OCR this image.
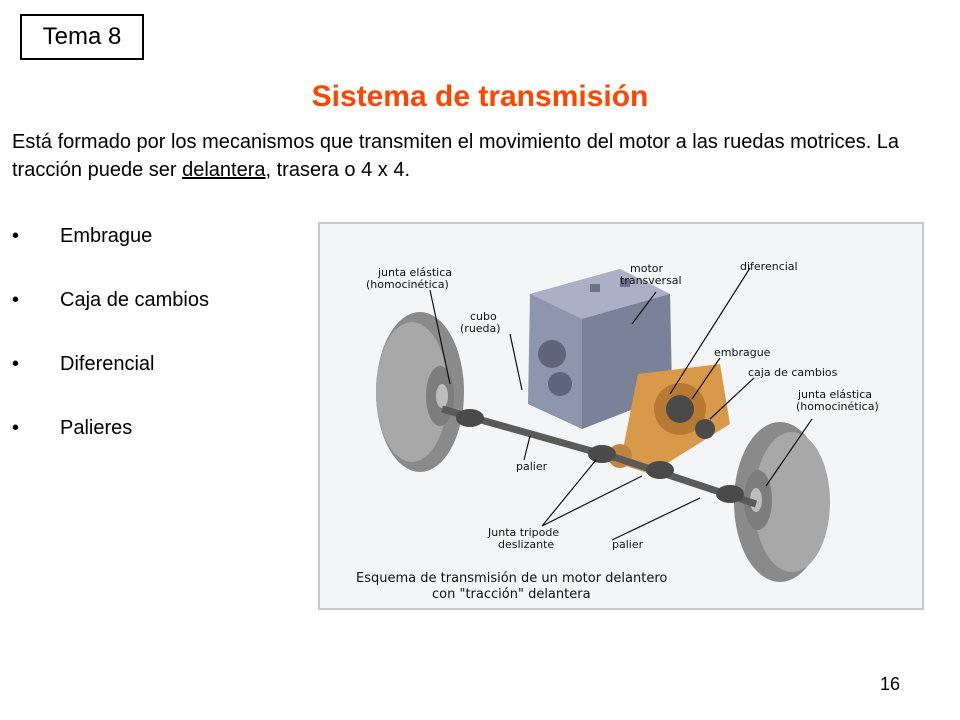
Tema 8
Sistema de transmisión
Está formado por los mecanismos que transmiten el movimiento del motor a las ruedas motrices. La tracción puede ser delantera, trasera o 4 x 4.
• Embrague
• Caja de cambios
• Diferencial
• Palieres
junta elástica
(homocinética)
motor
transversal
diferencial
cubo
(rueda)
embrague
caja de cambios
junta elástica
(homocinética)
palier
Junta tripode
deslizante	palier
Esquema de transmisión de un motor delantero
con "tracción" delantera
16
